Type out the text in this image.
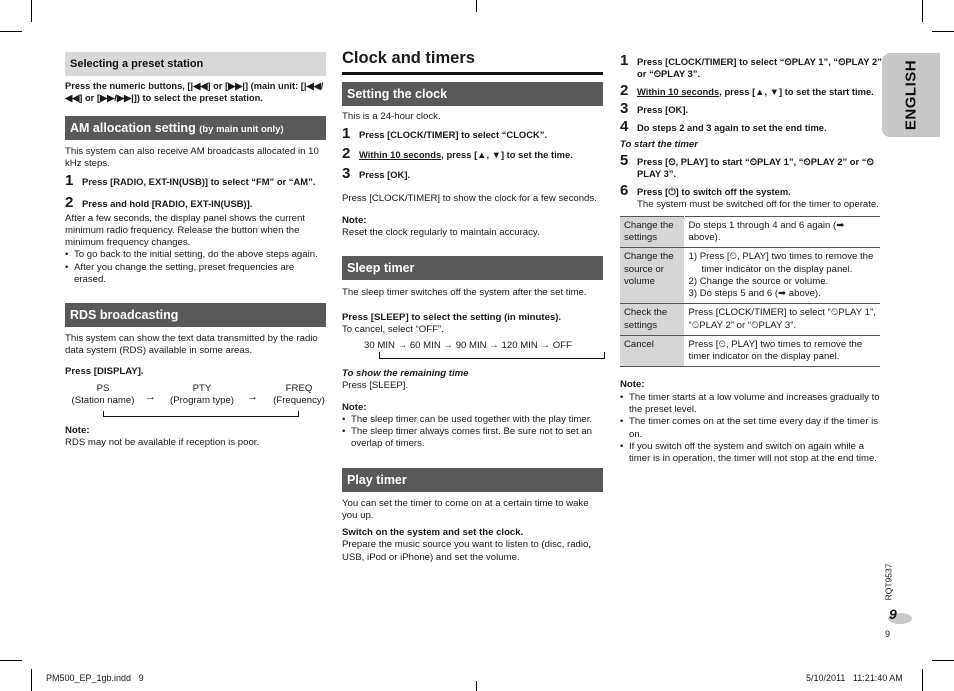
Selecting a preset station
Press the numeric buttons, [|◀◀] or [▶▶|] (main unit: [|◀◀/◀◀] or [▶▶/▶▶|]) to select the preset station.
AM allocation setting (by main unit only)
This system can also receive AM broadcasts allocated in 10 kHz steps.
1 Press [RADIO, EXT-IN(USB)] to select “FM” or “AM”.
2 Press and hold [RADIO, EXT-IN(USB)].
After a few seconds, the display panel shows the current minimum radio frequency. Release the button when the minimum frequency changes.
• To go back to the initial setting, do the above steps again.
• After you change the setting, preset frequencies are erased.
RDS broadcasting
This system can show the text data transmitted by the radio data system (RDS) available in some areas.
Press [DISPLAY].
PS
(Station name) →
PTY
(Program type)	→
FREQ
(Frequency)
Note:
RDS may not be available if reception is poor.
Clock and timers
Setting the clock
This is a 24-hour clock.
1 Press [CLOCK/TIMER] to select “CLOCK”.
2 Within 10 seconds, press [▲, ▼] to set the time.
3 Press [OK].
Press [CLOCK/TIMER] to show the clock for a few seconds.
Note:
Reset the clock regularly to maintain accuracy.
Sleep timer
The sleep timer switches off the system after the set time.
Press [SLEEP] to select the setting (in minutes).
To cancel, select “OFF”.
30 MIN → 60 MIN → 90 MIN → 120 MIN → OFF
To show the remaining time
Press [SLEEP].
Note:
• The sleep timer can be used together with the play timer.
• The sleep timer always comes first. Be sure not to set an overlap of timers.
Play timer
You can set the timer to come on at a certain time to wake you up.
Switch on the system and set the clock.
Prepare the music source you want to listen to (disc, radio, USB, iPod or iPhone) and set the volume.
1 Press [CLOCK/TIMER] to select “⏲PLAY 1”, “⏲PLAY 2” or “⏲PLAY 3”.
2 Within 10 seconds, press [▲, ▼] to set the start time.
3 Press [OK].
4 Do steps 2 and 3 again to set the end time.
To start the timer
5 Press [⏲, PLAY] to start “⏲PLAY 1”, “⏲PLAY 2” or “⏲PLAY 3”.
6 Press [⏻] to switch off the system.
The system must be switched off for the timer to operate.
Change the settings	Do steps 1 through 4 and 6 again (➡ above).
Change the source or volume	1) Press [⏲, PLAY] two times to remove the timer indicator on the display panel.
2) Change the source or volume.
3) Do steps 5 and 6 (➡ above).

Check the settings	Press [CLOCK/TIMER] to select “⏲PLAY 1”, “⏲PLAY 2” or “⏲PLAY 3”.
Cancel	Press [⏲, PLAY] two times to remove the timer indicator on the display panel.
Note:
• The timer starts at a low volume and increases gradually to the preset level.
• The timer comes on at the set time every day if the timer is on.
• If you switch off the system and switch on again while a timer is in operation, the timer will not stop at the end time.
ENGLISH
RQT9537
9
9
PM500_EP_1gb.indd   9	5/10/2011   11:21:40 AM
